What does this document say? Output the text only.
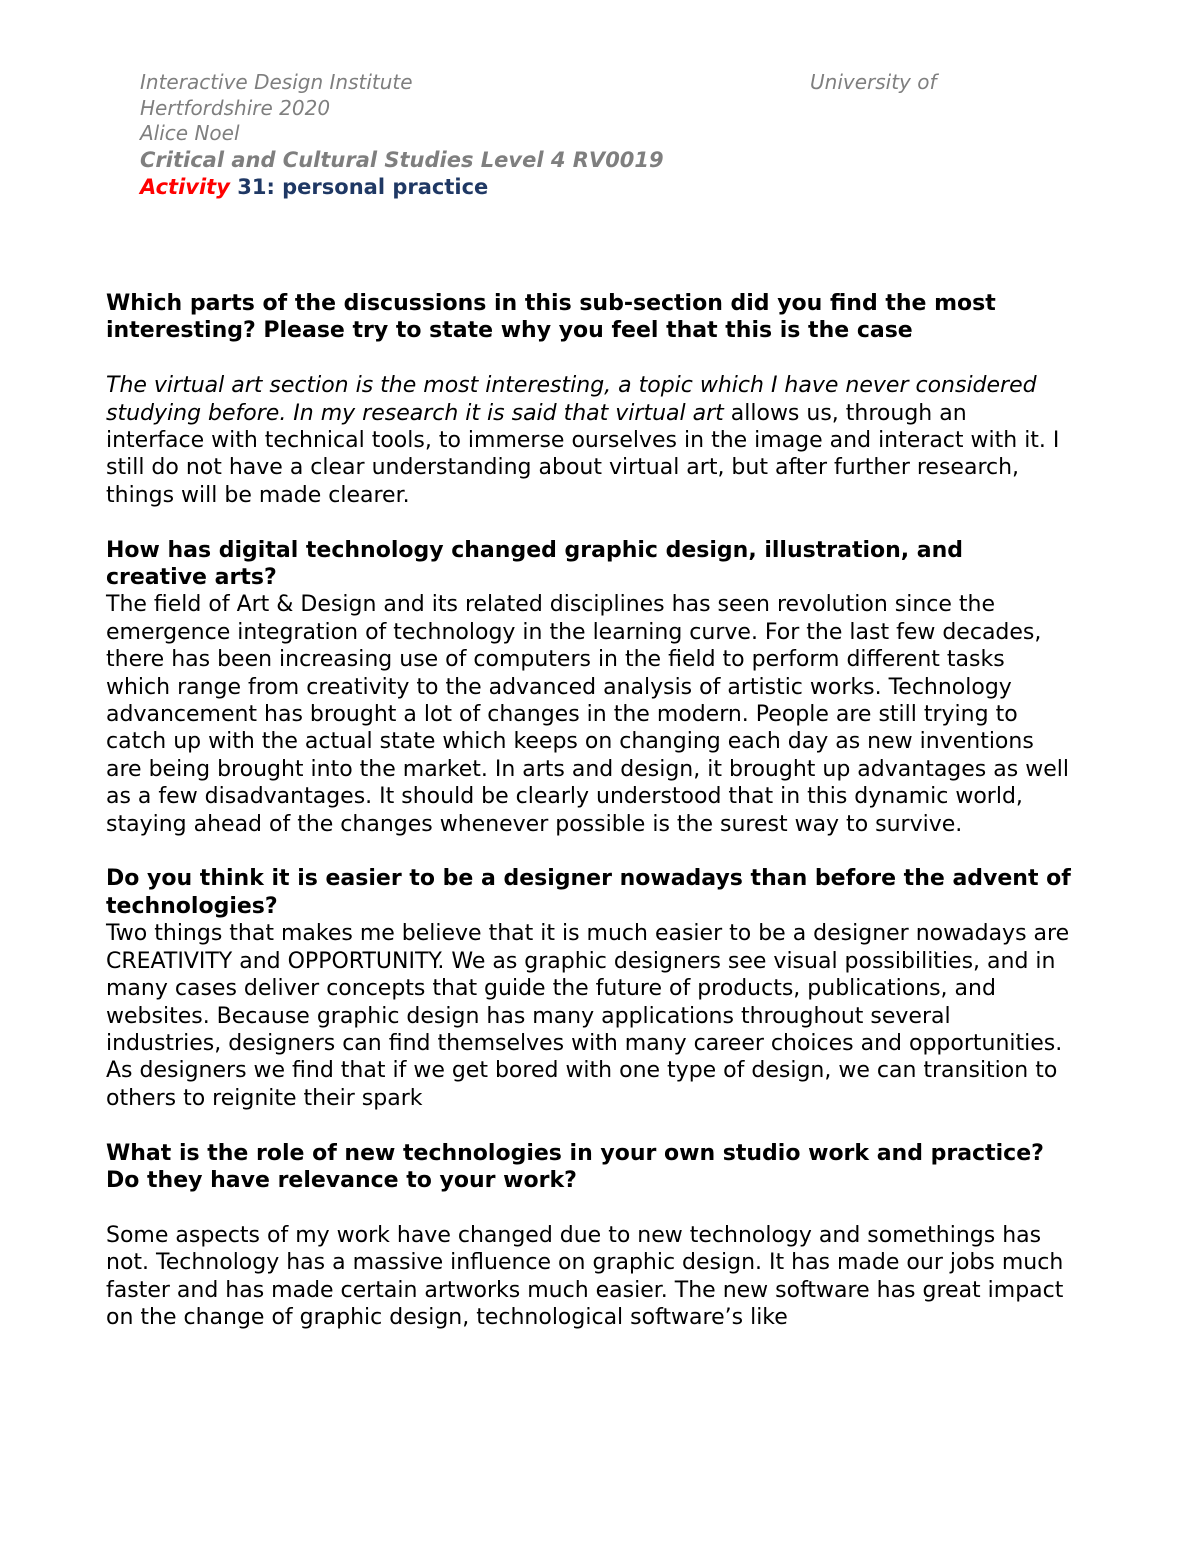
Interactive Design Institute	University of
Hertfordshire 2020
Alice Noel
Critical and Cultural Studies Level 4 RV0019
Activity 31: personal practice

Which parts of the discussions in this sub-section did you find the most interesting? Please try to state why you feel that this is the case

The virtual art section is the most interesting, a topic which I have never considered studying before. In my research it is said that virtual art allows us, through an interface with technical tools, to immerse ourselves in the image and interact with it. I still do not have a clear understanding about virtual art, but after further research, things will be made clearer.

How has digital technology changed graphic design, illustration, and creative arts?

The field of Art & Design and its related disciplines has seen revolution since the emergence integration of technology in the learning curve. For the last few decades, there has been increasing use of computers in the field to perform different tasks which range from creativity to the advanced analysis of artistic works. Technology advancement has brought a lot of changes in the modern. People are still trying to catch up with the actual state which keeps on changing each day as new inventions are being brought into the market. In arts and design, it brought up advantages as well as a few disadvantages. It should be clearly understood that in this dynamic world, staying ahead of the changes whenever possible is the surest way to survive.

Do you think it is easier to be a designer nowadays than before the advent of technologies?

Two things that makes me believe that it is much easier to be a designer nowadays are CREATIVITY and OPPORTUNITY. We as graphic designers see visual possibilities, and in many cases deliver concepts that guide the future of products, publications, and websites. Because graphic design has many applications throughout several industries, designers can find themselves with many career choices and opportunities. As designers we find that if we get bored with one type of design, we can transition to others to reignite their spark

What is the role of new technologies in your own studio work and practice? Do they have relevance to your work?

Some aspects of my work have changed due to new technology and somethings has not. Technology has a massive influence on graphic design. It has made our jobs much faster and has made certain artworks much easier. The new software has great impact on the change of graphic design, technological software’s like
